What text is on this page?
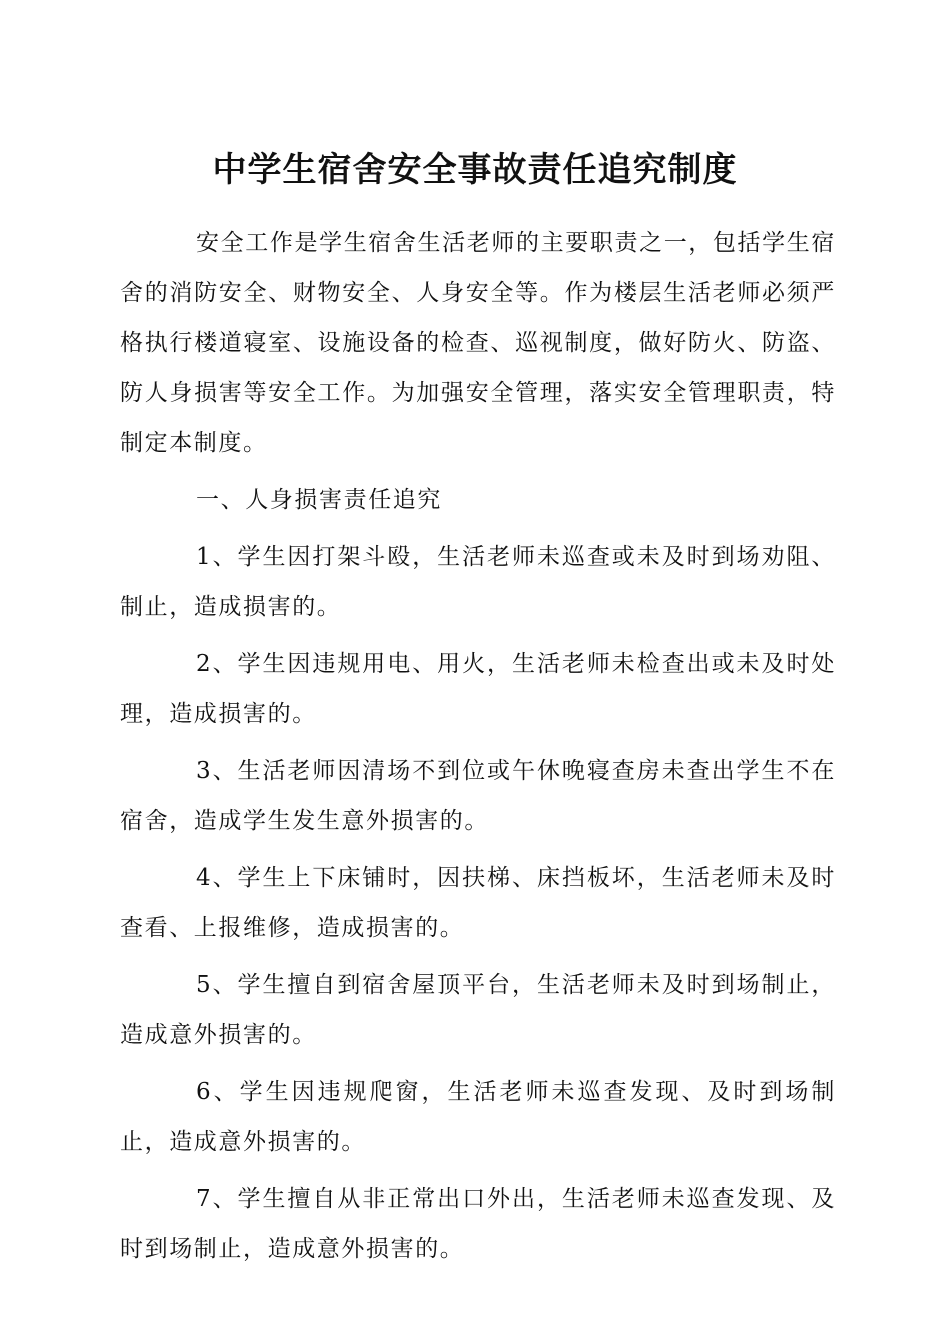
中学生宿舍安全事故责任追究制度

安全工作是学生宿舍生活老师的主要职责之一，包括学生宿舍的消防安全、财物安全、人身安全等。作为楼层生活老师必须严格执行楼道寝室、设施设备的检查、巡视制度，做好防火、防盗、防人身损害等安全工作。为加强安全管理，落实安全管理职责，特制定本制度。

一、人身损害责任追究

1、学生因打架斗殴，生活老师未巡查或未及时到场劝阻、制止，造成损害的。

2、学生因违规用电、用火，生活老师未检查出或未及时处理，造成损害的。

3、生活老师因清场不到位或午休晚寝查房未查出学生不在宿舍，造成学生发生意外损害的。

4、学生上下床铺时，因扶梯、床挡板坏，生活老师未及时查看、上报维修，造成损害的。

5、学生擅自到宿舍屋顶平台，生活老师未及时到场制止，造成意外损害的。

6、学生因违规爬窗，生活老师未巡查发现、及时到场制止，造成意外损害的。

7、学生擅自从非正常出口外出，生活老师未巡查发现、及时到场制止，造成意外损害的。
